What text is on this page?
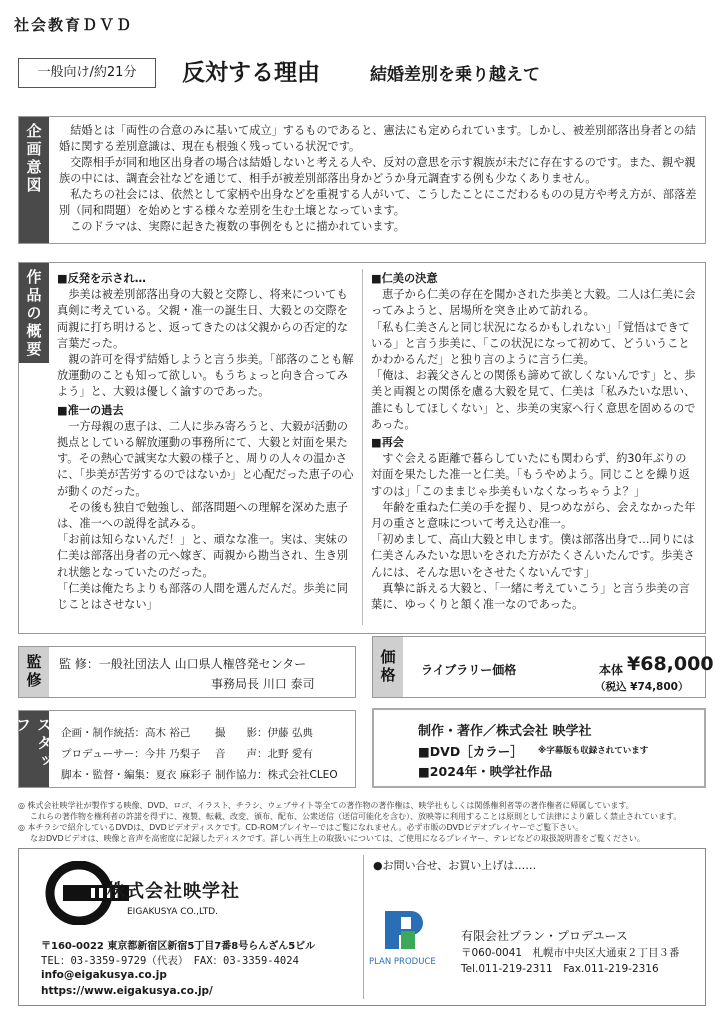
社会教育ＤＶＤ
一般向け/約21分	反対する理由	結婚差別を乗り越えて
企画意図	結婚とは「両性の合意のみに基いて成立」するものであると、憲法にも定められています。しかし、被差別部落出身者との結婚に関する差別意識は、現在も根強く残っている状況です。

交際相手が同和地区出身者の場合は結婚しないと考える人や、反対の意思を示す親族が未だに存在するのです。また、親や親族の中には、調査会社などを通じて、相手が被差別部落出身かどうか身元調査する例も少なくありません。

私たちの社会には、依然として家柄や出身などを重視する人がいて、こうしたことにこだわるものの見方や考え方が、部落差別（同和問題）を始めとする様々な差別を生む土壌となっています。

このドラマは、実際に起きた複数の事例をもとに描かれています。

作品の概要	■反発を示され…

歩美は被差別部落出身の大毅と交際し、将来についても真剣に考えている。父親・准一の誕生日、大毅との交際を両親に打ち明けると、返ってきたのは父親からの否定的な言葉だった。

親の許可を得ず結婚しようと言う歩美。「部落のことも解放運動のことも知って欲しい。もうちょっと向き合ってみよう」と、大毅は優しく諭すのであった。

■准一の過去

一方母親の恵子は、二人に歩み寄ろうと、大毅が活動の拠点としている解放運動の事務所にて、大毅と対面を果たす。その熱心で誠実な大毅の様子と、周りの人々の温かさに、「歩美が苦労するのではないか」と心配だった恵子の心が動くのだった。

その後も独自で勉強し、部落問題への理解を深めた恵子は、准一への説得を試みる。

「お前は知らないんだ！」と、頑なな准一。実は、実妹の仁美は部落出身者の元へ嫁ぎ、両親から勘当され、生き別れ状態となっていたのだった。

「仁美は俺たちよりも部落の人間を選んだんだ。歩美に同じことはさせない」

■仁美の決意

恵子から仁美の存在を聞かされた歩美と大毅。二人は仁美に会ってみようと、居場所を突き止めて訪れる。

「私も仁美さんと同じ状況になるかもしれない」「覚悟はできている」と言う歩美に、「この状況になって初めて、どういうことかわかるんだ」と独り言のように言う仁美。

「俺は、お義父さんとの関係も諦めて欲しくないんです」と、歩美と両親との関係を慮る大毅を見て、仁美は「私みたいな思い、誰にもしてほしくない」と、歩美の実家へ行く意思を固めるのであった。

■再会

すぐ会える距離で暮らしていたにも関わらず、約30年ぶりの対面を果たした准一と仁美。「もうやめよう。同じことを繰り返すのは」「このままじゃ歩美もいなくなっちゃうよ？」

年齢を重ねた仁美の手を握り、見つめながら、会えなかった年月の重さと意味について考え込む准一。

「初めまして、高山大毅と申します。僕は部落出身で…同りには仁美さんみたいな思いをされた方がたくさんいたんです。歩美さんには、そんな思いをさせたくないんです」

真摯に訴える大毅と、「一緒に考えていこう」と言う歩美の言葉に、ゆっくりと頷く准一なのであった。

監修	監 修：一般社団法人 山口県人権啓発センター
事務局長 川口 泰司	価格	ライブラリー価格	本体 ¥68,000
（税込 ¥74,800）
スタッフ	企画・制作統括：高木 裕己 撮　　影：伊藤 弘典
プロデューサー：今井 乃梨子 音　　声：北野 愛有
脚本・監督・編集：夏衣 麻彩子 制作協力：株式会社CLEO
制作・著作／株式会社 映学社
■DVD［カラー］ ※字幕版も収録されています
■2024年・映学社作品
◎ 株式会社映学社が製作する映像、DVD、ロゴ、イラスト、チラシ、ウェブサイト等全ての著作物の著作権は、映学社もしくは関係権利者等の著作権者に帰属しています。
これらの著作物を権利者の許諾を得ずに、複製、転載、改変、頒布、配布、公衆送信（送信可能化を含む）、放映等に利用することは原則として法律により厳しく禁止されています。
◎ 本チラシで紹介しているDVDは、DVDビデオディスクです。CD-ROMプレイヤーではご覧になれません。必ず市販のDVDビデオプレイヤーでご覧下さい。
なおDVDビデオは、映像と音声を高密度に記録したディスクです。詳しい再生上の取扱いについては、ご使用になるプレイヤー、テレビなどの取扱説明書をご覧ください。
株式会社映学社
EIGAKUSYA CO.,LTD.
〒160-0022 東京都新宿区新宿5丁目7番8号らんざん5ビル
TEL：03-3359-9729（代表）　FAX：03-3359-4024
info@eigakusya.co.jp
https://www.eigakusya.co.jp/
●お問い合せ、お買い上げは……
PLAN PRODUCE
有限会社プラン・プロデユース
〒060-0041　札幌市中央区大通東２丁目３番
Tel.011-219-2311　Fax.011-219-2316
